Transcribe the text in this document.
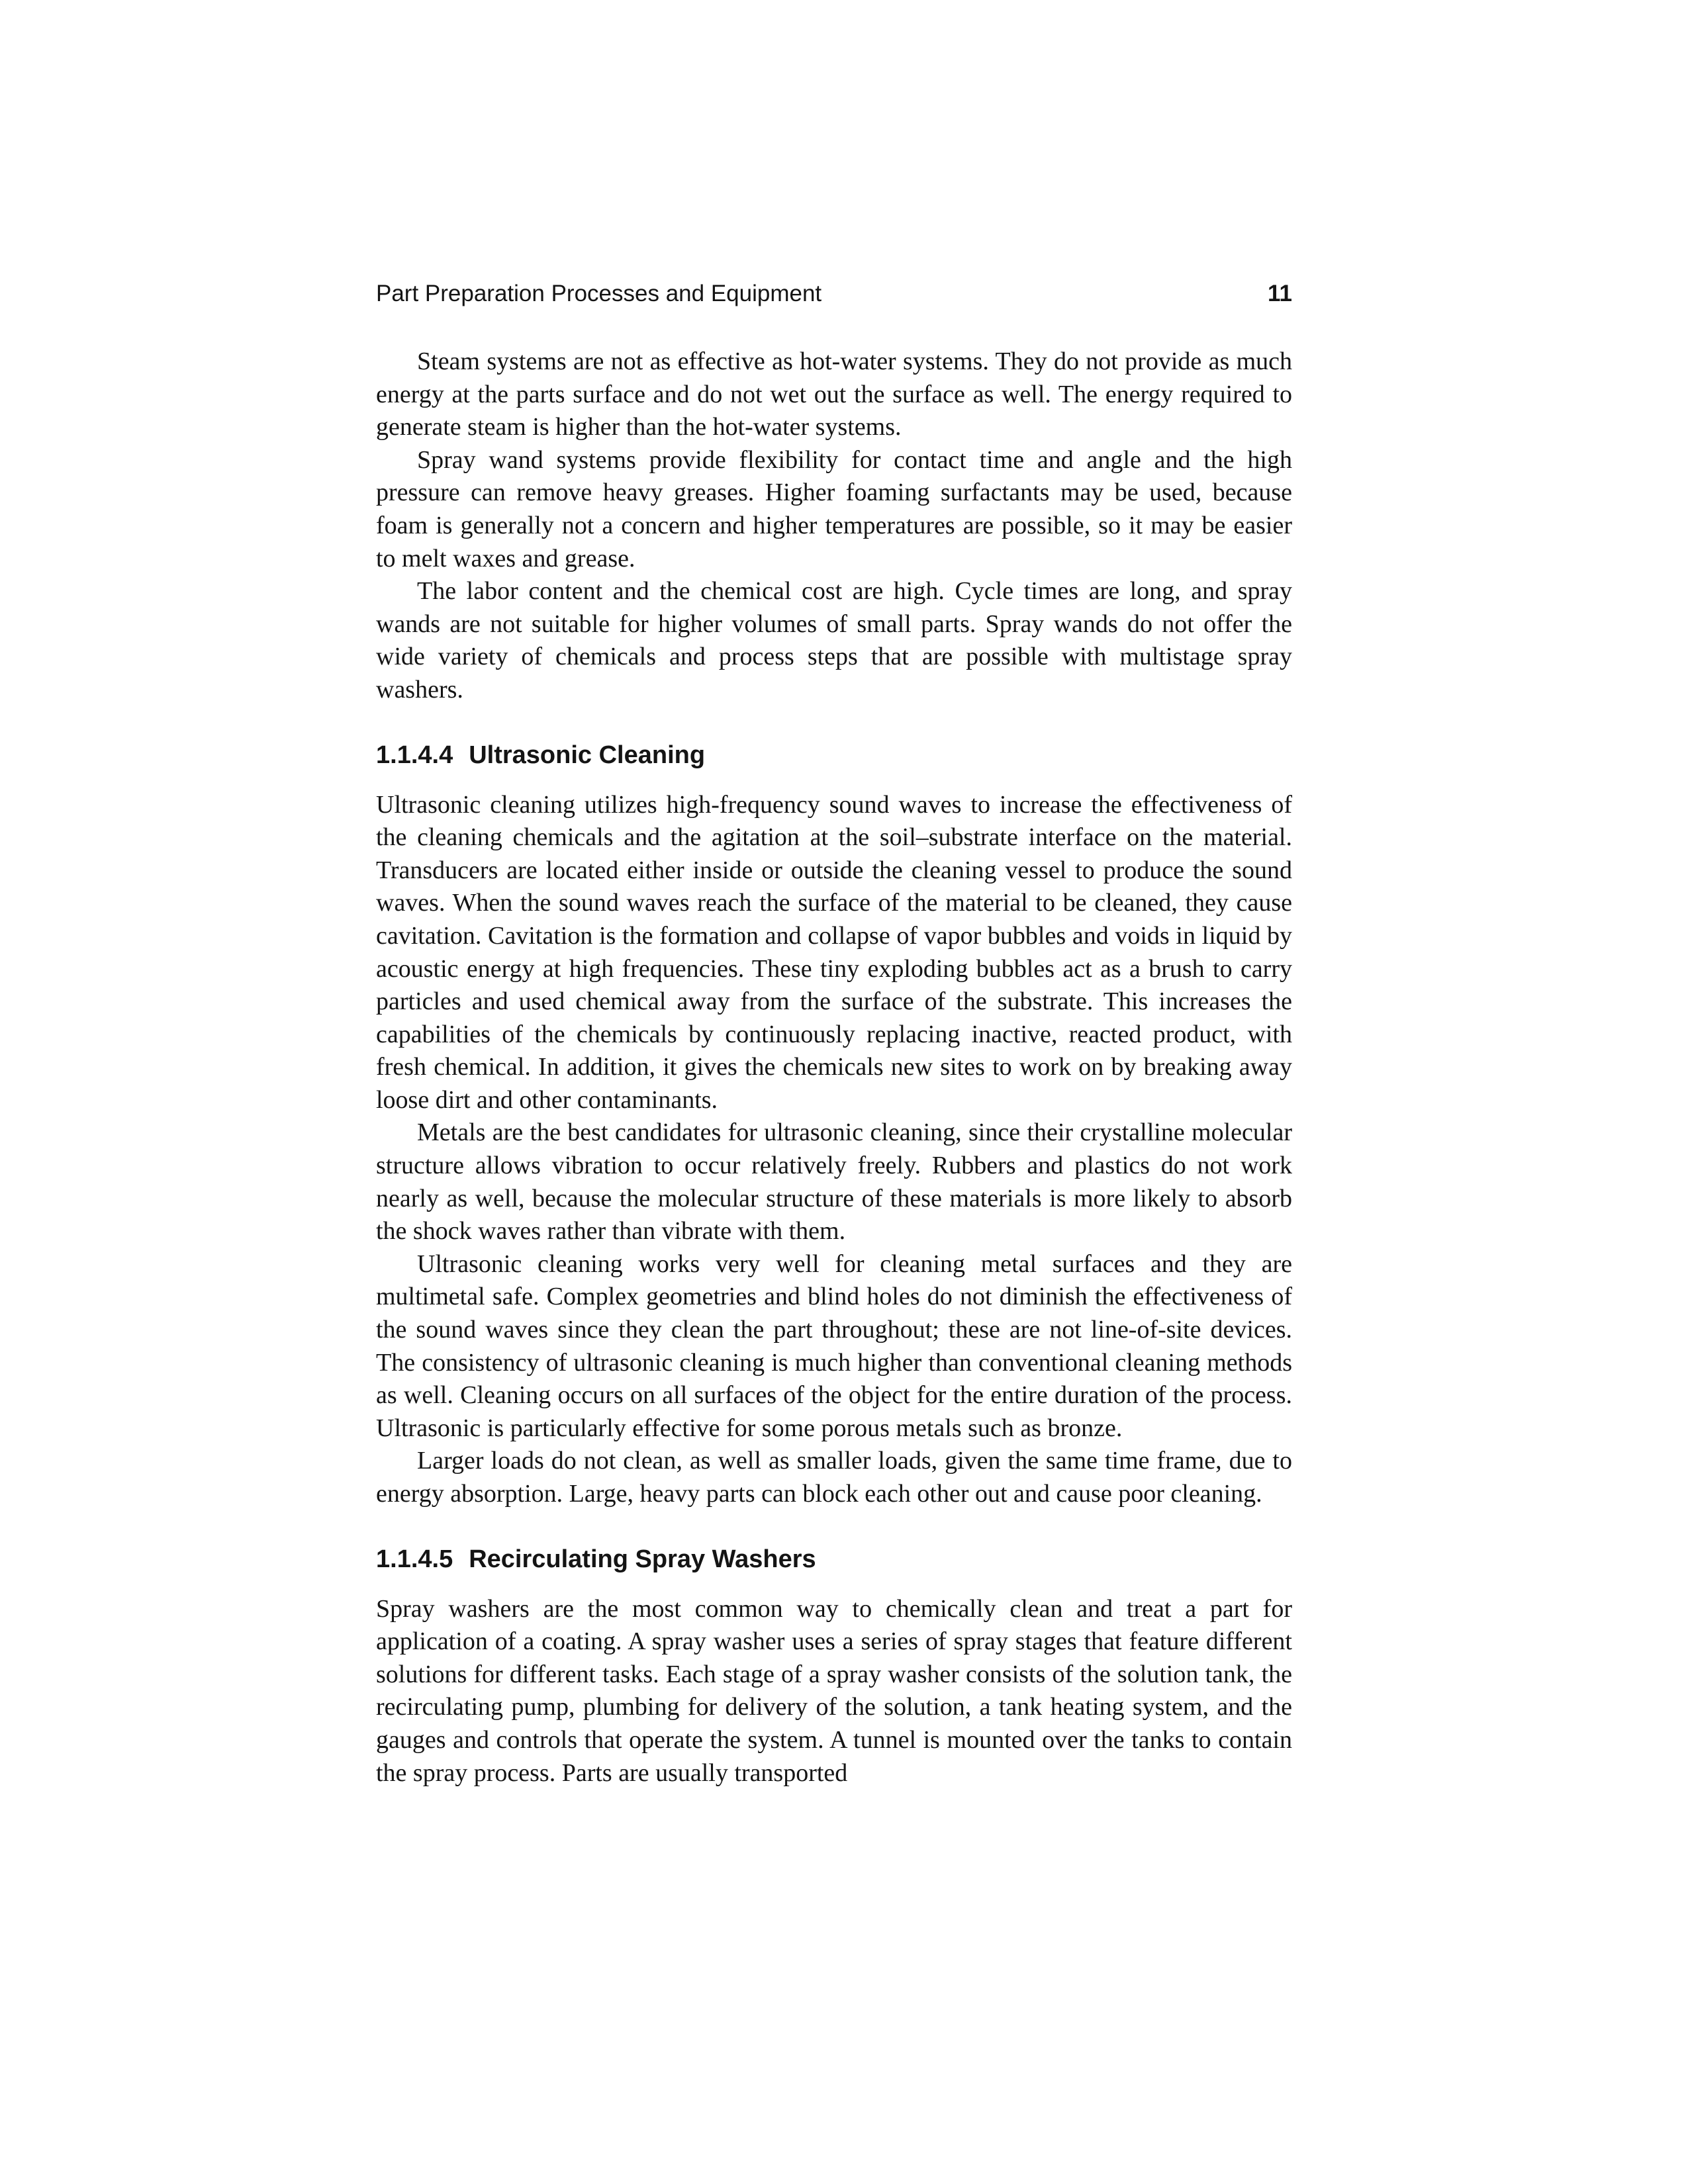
Part Preparation Processes and Equipment	11

Steam systems are not as effective as hot-water systems. They do not provide as much energy at the parts surface and do not wet out the surface as well. The energy required to generate steam is higher than the hot-water systems.

Spray wand systems provide flexibility for contact time and angle and the high pressure can remove heavy greases. Higher foaming surfactants may be used, because foam is generally not a concern and higher temperatures are possible, so it may be easier to melt waxes and grease.

The labor content and the chemical cost are high. Cycle times are long, and spray wands are not suitable for higher volumes of small parts. Spray wands do not offer the wide variety of chemicals and process steps that are possible with multistage spray washers.

1.1.4.4 Ultrasonic Cleaning

Ultrasonic cleaning utilizes high-frequency sound waves to increase the effectiveness of the cleaning chemicals and the agitation at the soil–substrate interface on the material. Transducers are located either inside or outside the cleaning vessel to produce the sound waves. When the sound waves reach the surface of the material to be cleaned, they cause cavitation. Cavitation is the formation and collapse of vapor bubbles and voids in liquid by acoustic energy at high frequencies. These tiny exploding bubbles act as a brush to carry particles and used chemical away from the surface of the substrate. This increases the capabilities of the chemicals by continuously replacing inactive, reacted product, with fresh chemical. In addition, it gives the chemicals new sites to work on by breaking away loose dirt and other contaminants.

Metals are the best candidates for ultrasonic cleaning, since their crystalline molecular structure allows vibration to occur relatively freely. Rubbers and plastics do not work nearly as well, because the molecular structure of these materials is more likely to absorb the shock waves rather than vibrate with them.

Ultrasonic cleaning works very well for cleaning metal surfaces and they are multimetal safe. Complex geometries and blind holes do not diminish the effectiveness of the sound waves since they clean the part throughout; these are not line-of-site devices. The consistency of ultrasonic cleaning is much higher than conventional cleaning methods as well. Cleaning occurs on all surfaces of the object for the entire duration of the process. Ultrasonic is particularly effective for some porous metals such as bronze.

Larger loads do not clean, as well as smaller loads, given the same time frame, due to energy absorption. Large, heavy parts can block each other out and cause poor cleaning.

1.1.4.5 Recirculating Spray Washers

Spray washers are the most common way to chemically clean and treat a part for application of a coating. A spray washer uses a series of spray stages that feature different solutions for different tasks. Each stage of a spray washer consists of the solution tank, the recirculating pump, plumbing for delivery of the solution, a tank heating system, and the gauges and controls that operate the system. A tunnel is mounted over the tanks to contain the spray process. Parts are usually transported
